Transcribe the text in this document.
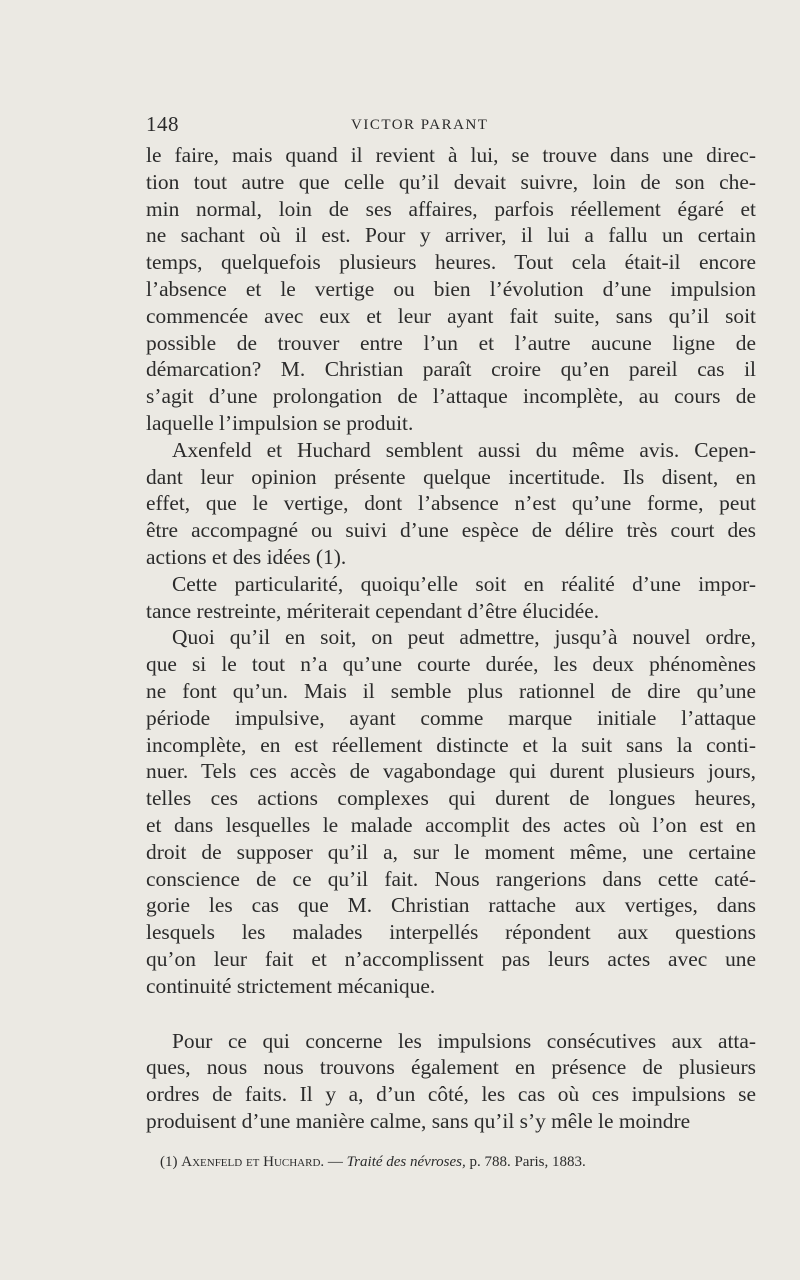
148	VICTOR PARANT
le faire, mais quand il revient à lui, se trouve dans une direc-
tion tout autre que celle qu’il devait suivre, loin de son che-
min normal, loin de ses affaires, parfois réellement égaré et
ne sachant où il est. Pour y arriver, il lui a fallu un certain
temps, quelquefois plusieurs heures. Tout cela était-il encore
l’absence et le vertige ou bien l’évolution d’une impulsion
commencée avec eux et leur ayant fait suite, sans qu’il soit
possible de trouver entre l’un et l’autre aucune ligne de
démarcation? M. Christian paraît croire qu’en pareil cas il
s’agit d’une prolongation de l’attaque incomplète, au cours de
laquelle l’impulsion se produit.
Axenfeld et Huchard semblent aussi du même avis. Cepen-
dant leur opinion présente quelque incertitude. Ils disent, en
effet, que le vertige, dont l’absence n’est qu’une forme, peut
être accompagné ou suivi d’une espèce de délire très court des
actions et des idées (1).
Cette particularité, quoiqu’elle soit en réalité d’une impor-
tance restreinte, mériterait cependant d’être élucidée.
Quoi qu’il en soit, on peut admettre, jusqu’à nouvel ordre,
que si le tout n’a qu’une courte durée, les deux phénomènes
ne font qu’un. Mais il semble plus rationnel de dire qu’une
période impulsive, ayant comme marque initiale l’attaque
incomplète, en est réellement distincte et la suit sans la conti-
nuer. Tels ces accès de vagabondage qui durent plusieurs jours,
telles ces actions complexes qui durent de longues heures,
et dans lesquelles le malade accomplit des actes où l’on est en
droit de supposer qu’il a, sur le moment même, une certaine
conscience de ce qu’il fait. Nous rangerions dans cette caté-
gorie les cas que M. Christian rattache aux vertiges, dans
lesquels les malades interpellés répondent aux questions
qu’on leur fait et n’accomplissent pas leurs actes avec une
continuité strictement mécanique.
Pour ce qui concerne les impulsions consécutives aux atta-
ques, nous nous trouvons également en présence de plusieurs
ordres de faits. Il y a, d’un côté, les cas où ces impulsions se
produisent d’une manière calme, sans qu’il s’y mêle le moindre
(1) Axenfeld et Huchard. — Traité des névroses, p. 788. Paris, 1883.
